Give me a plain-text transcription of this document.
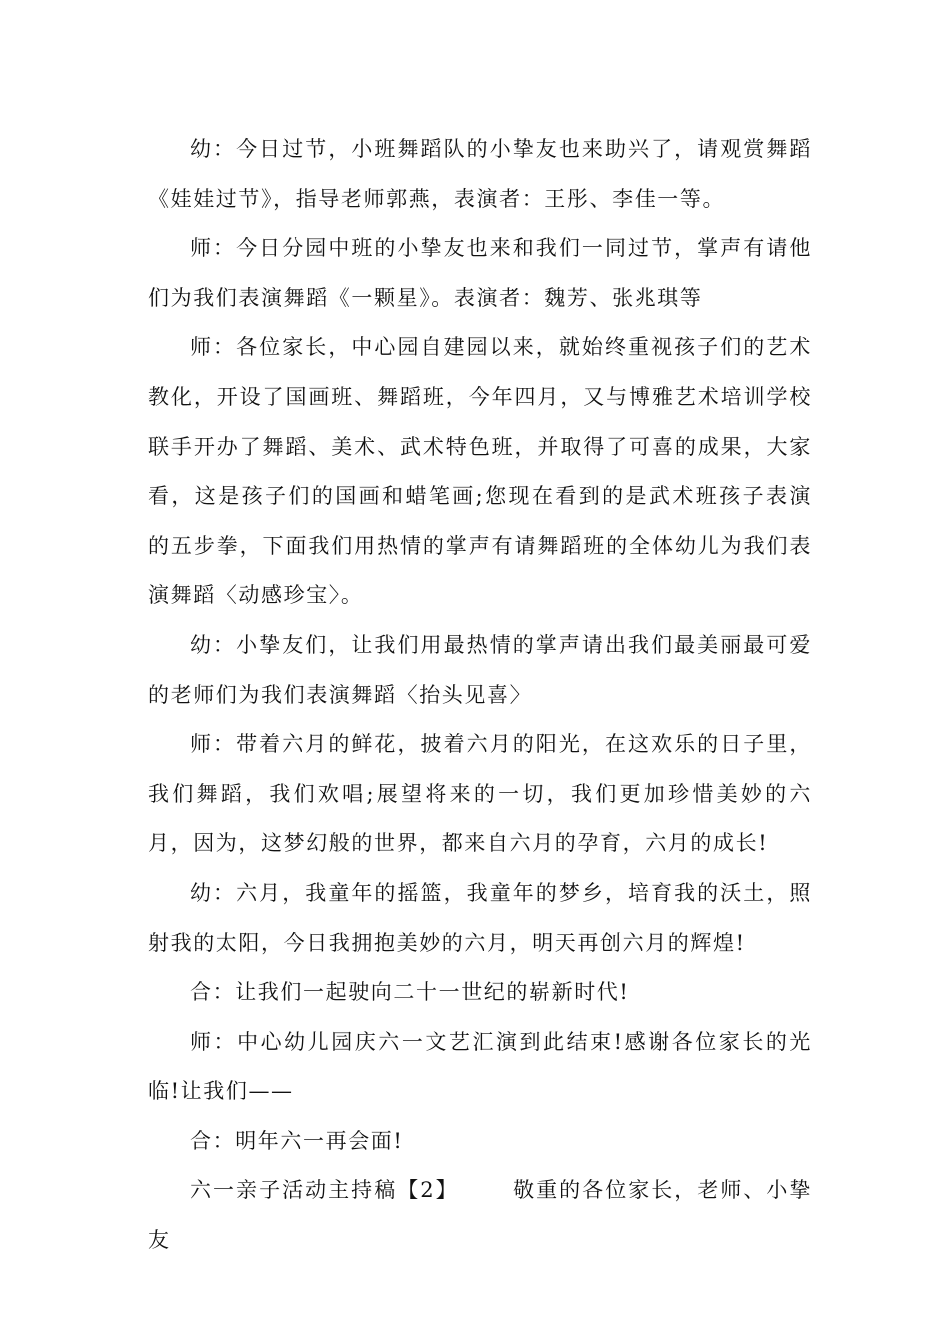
幼：今日过节，小班舞蹈队的小挚友也来助兴了，请观赏舞蹈《娃娃过节》，指导老师郭燕，表演者：王彤、李佳一等。

师：今日分园中班的小挚友也来和我们一同过节，掌声有请他们为我们表演舞蹈《一颗星》。表演者：魏芳、张兆琪等

师：各位家长，中心园自建园以来，就始终重视孩子们的艺术教化，开设了国画班、舞蹈班，今年四月，又与博雅艺术培训学校联手开办了舞蹈、美术、武术特色班，并取得了可喜的成果，大家看，这是孩子们的国画和蜡笔画;您现在看到的是武术班孩子表演的五步拳，下面我们用热情的掌声有请舞蹈班的全体幼儿为我们表演舞蹈〈动感珍宝〉。

幼：小挚友们，让我们用最热情的掌声请出我们最美丽最可爱的老师们为我们表演舞蹈〈抬头见喜〉

师：带着六月的鲜花，披着六月的阳光，在这欢乐的日子里，我们舞蹈，我们欢唱;展望将来的一切，我们更加珍惜美妙的六月，因为，这梦幻般的世界，都来自六月的孕育，六月的成长!

幼：六月，我童年的摇篮，我童年的梦乡，培育我的沃土，照射我的太阳，今日我拥抱美妙的六月，明天再创六月的辉煌!

合：让我们一起驶向二十一世纪的崭新时代!

师：中心幼儿园庆六一文艺汇演到此结束!感谢各位家长的光临!让我们——

合：明年六一再会面!

六一亲子活动主持稿【2】	敬重的各位家长，老师、小挚友
